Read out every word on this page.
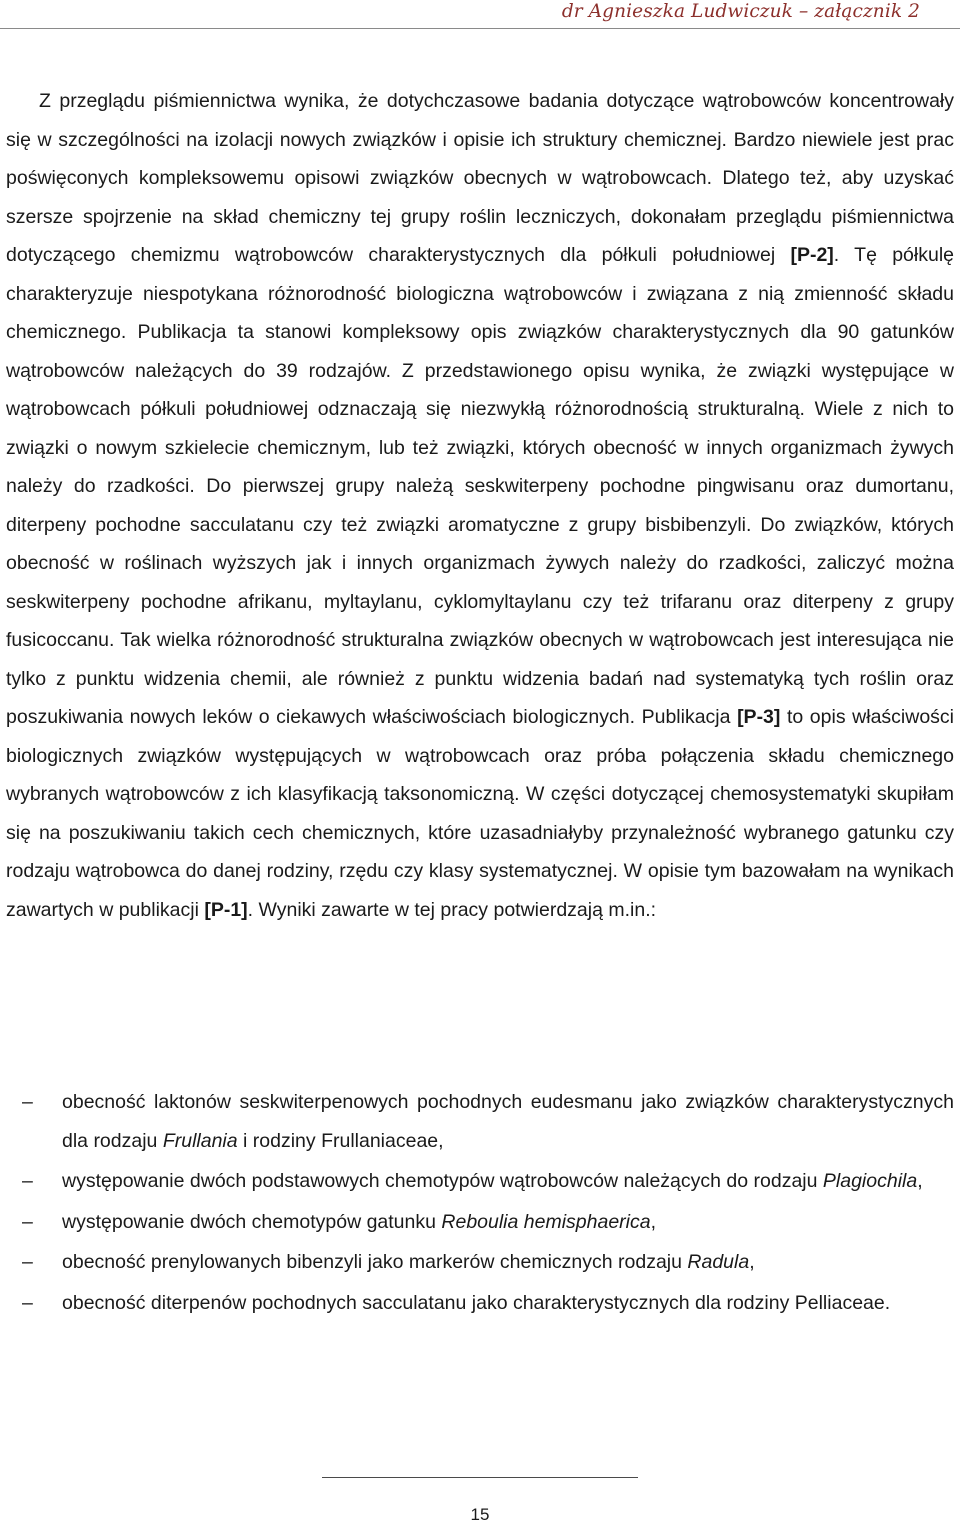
dr Agnieszka Ludwiczuk – załącznik 2

Z przeglądu piśmiennictwa wynika, że dotychczasowe badania dotyczące wątrobowców koncentrowały się w szczególności na izolacji nowych związków i opisie ich struktury chemicznej. Bardzo niewiele jest prac poświęconych kompleksowemu opisowi związków obecnych w wątrobowcach. Dlatego też, aby uzyskać szersze spojrzenie na skład chemiczny tej grupy roślin leczniczych, dokonałam przeglądu piśmiennictwa dotyczącego chemizmu wątrobowców charakterystycznych dla półkuli południowej [P-2]. Tę półkulę charakteryzuje niespotykana różnorodność biologiczna wątrobowców i związana z nią zmienność składu chemicznego. Publikacja ta stanowi kompleksowy opis związków charakterystycznych dla 90 gatunków wątrobowców należących do 39 rodzajów. Z przedstawionego opisu wynika, że związki występujące w wątrobowcach półkuli południowej odznaczają się niezwykłą różnorodnością strukturalną. Wiele z nich to związki o nowym szkielecie chemicznym, lub też związki, których obecność w innych organizmach żywych należy do rzadkości. Do pierwszej grupy należą seskwiterpeny pochodne pingwisanu oraz dumortanu, diterpeny pochodne sacculatanu czy też związki aromatyczne z grupy bisbibenzyli. Do związków, których obecność w roślinach wyższych jak i innych organizmach żywych należy do rzadkości, zaliczyć można seskwiterpeny pochodne afrikanu, myltaylanu, cyklomyltaylanu czy też trifaranu oraz diterpeny z grupy fusicoccanu. Tak wielka różnorodność strukturalna związków obecnych w wątrobowcach jest interesująca nie tylko z punktu widzenia chemii, ale również z punktu widzenia badań nad systematyką tych roślin oraz poszukiwania nowych leków o ciekawych właściwościach biologicznych. Publikacja [P-3] to opis właściwości biologicznych związków występujących w wątrobowcach oraz próba połączenia składu chemicznego wybranych wątrobowców z ich klasyfikacją taksonomiczną. W części dotyczącej chemosystematyki skupiłam się na poszukiwaniu takich cech chemicznych, które uzasadniałyby przynależność wybranego gatunku czy rodzaju wątrobowca do danej rodziny, rzędu czy klasy systematycznej. W opisie tym bazowałam na wynikach zawartych w publikacji [P-1]. Wyniki zawarte w tej pracy potwierdzają m.in.:

– obecność laktonów seskwiterpenowych pochodnych eudesmanu jako związków charakterystycznych dla rodzaju Frullania i rodziny Frullaniaceae,
– występowanie dwóch podstawowych chemotypów wątrobowców należących do rodzaju Plagiochila,
– występowanie dwóch chemotypów gatunku Reboulia hemisphaerica,
– obecność prenylowanych bibenzyli jako markerów chemicznych rodzaju Radula,
– obecność diterpenów pochodnych sacculatanu jako charakterystycznych dla rodziny Pelliaceae.
15
